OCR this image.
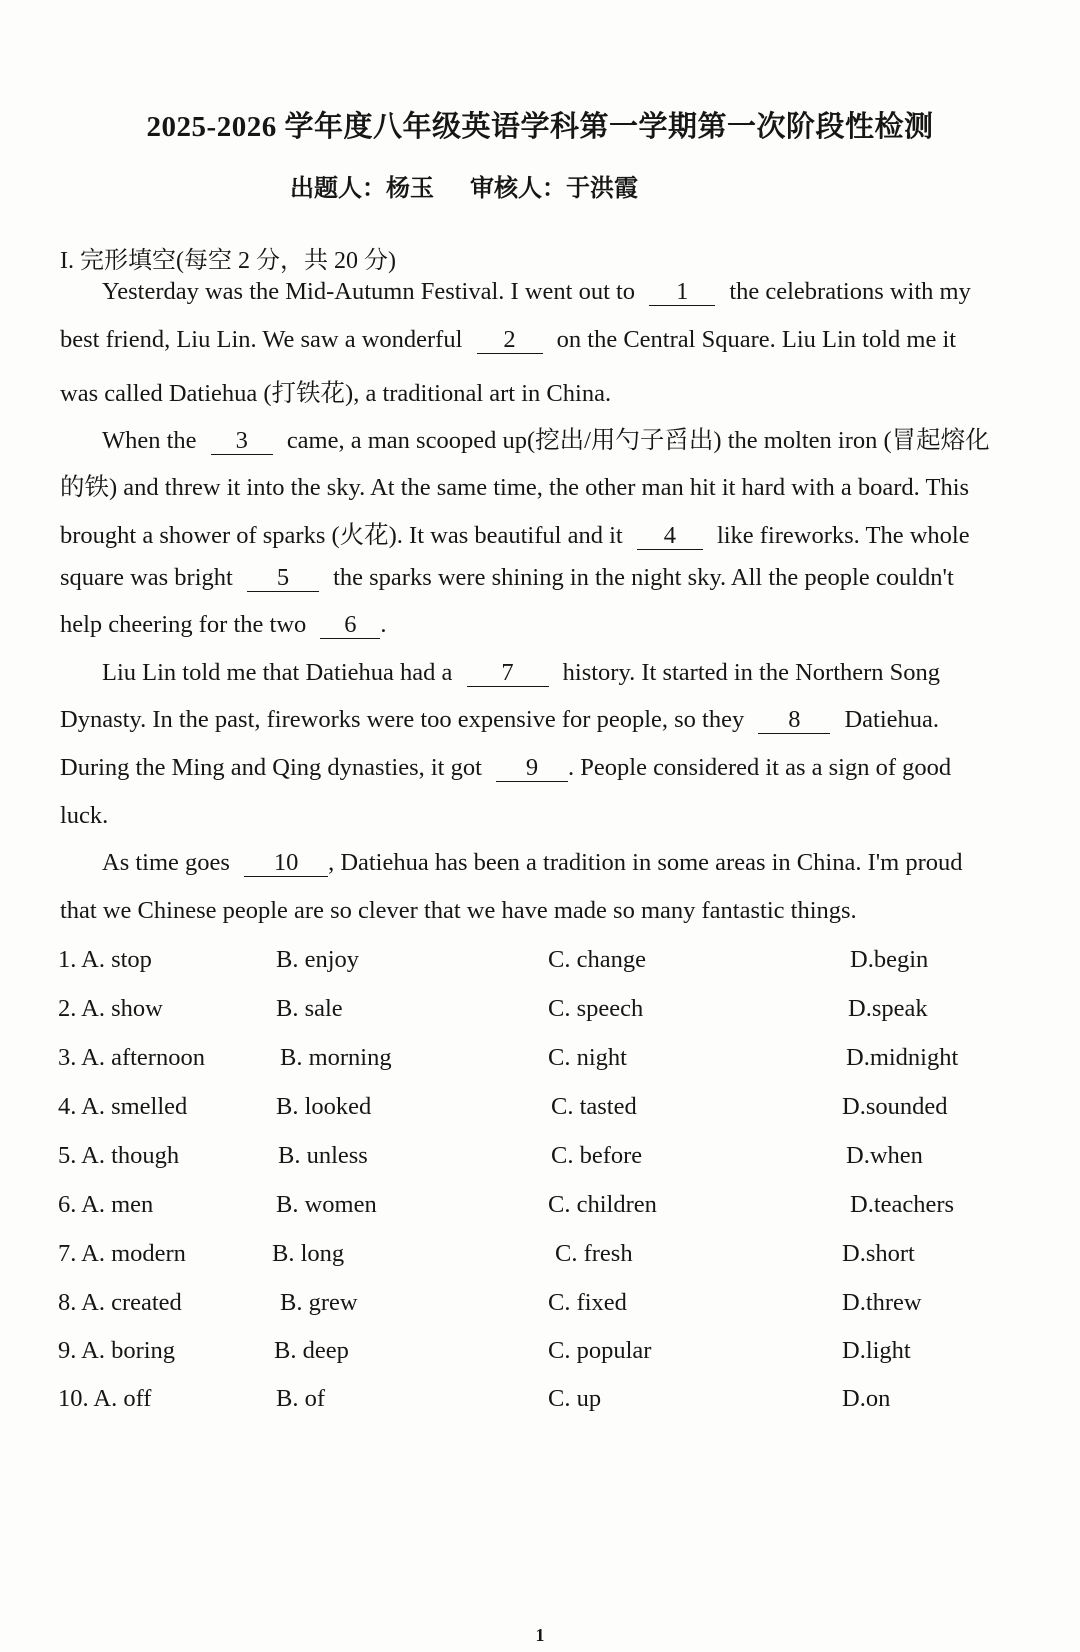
2025-2026 学年度八年级英语学科第一学期第一次阶段性检测
出题人：杨玉 审核人：于洪霞
I. 完形填空(每空 2 分，共 20 分)
Yesterday was the Mid-Autumn Festival. I went out to 1 the celebrations with my
best friend, Liu Lin. We saw a wonderful 2 on the Central Square. Liu Lin told me it
was called Datiehua (打铁花), a traditional art in China.
When the 3 came, a man scooped up(挖出/用勺子舀出) the molten iron (冒起熔化
的铁) and threw it into the sky. At the same time, the other man hit it hard with a board. This
brought a shower of sparks (火花). It was beautiful and it 4 like fireworks. The whole
square was bright 5 the sparks were shining in the night sky. All the people couldn't
help cheering for the two 6 .
Liu Lin told me that Datiehua had a 7 history. It started in the Northern Song
Dynasty. In the past, fireworks were too expensive for people, so they 8 Datiehua.
During the Ming and Qing dynasties, it got 9 . People considered it as a sign of good
luck.
As time goes 10 , Datiehua has been a tradition in some areas in China. I'm proud
that we Chinese people are so clever that we have made so many fantastic things.
1. A. stop	B. enjoy	C. change	D.begin
2. A. show	B. sale	C. speech	D.speak
3. A. afternoon	B. morning	C. night	D.midnight
4. A. smelled	B. looked	C. tasted	D.sounded
5. A. though	B. unless	C. before	D.when
6. A. men	B. women	C. children	D.teachers
7. A. modern	B. long	C. fresh	D.short
8. A. created	B. grew	C. fixed	D.threw
9. A. boring	B. deep	C. popular	D.light
10. A. off	B. of	C. up	D.on
1
